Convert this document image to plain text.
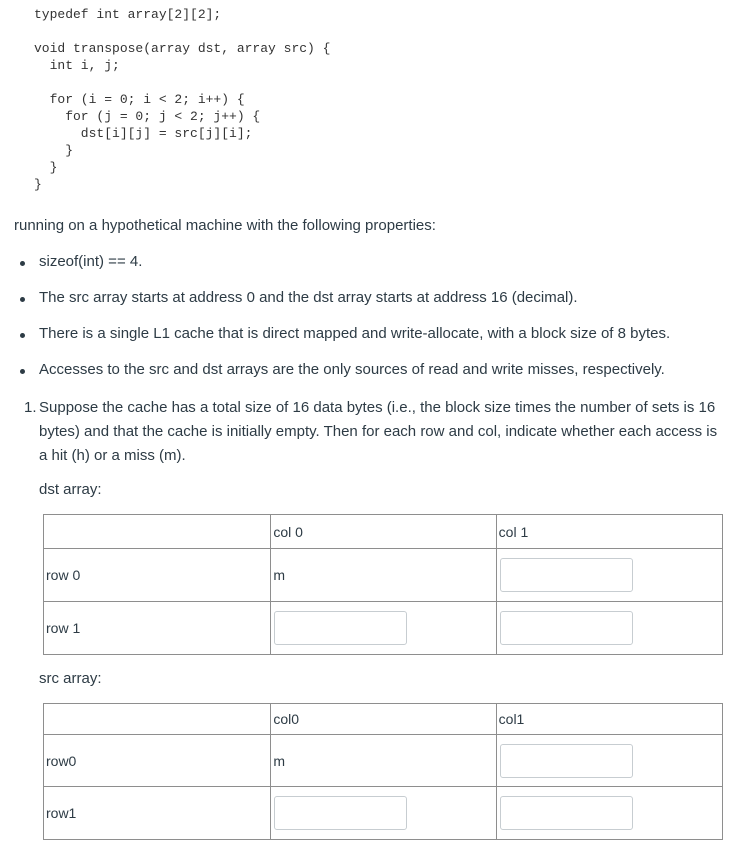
typedef int array[2][2];

void transpose(array dst, array src) {
int i, j;

for (i = 0; i < 2; i++) {
for (j = 0; j < 2; j++) {
dst[i][j] = src[j][i];
}
}
}
running on a hypothetical machine with the following properties:
sizeof(int) == 4.
The src array starts at address 0 and the dst array starts at address 16 (decimal).
There is a single L1 cache that is direct mapped and write-allocate, with a block size of 8 bytes.
Accesses to the src and dst arrays are the only sources of read and write misses, respectively.
1. Suppose the cache has a total size of 16 data bytes (i.e., the block size times the number of sets is 16 bytes) and that the cache is initially empty. Then for each row and col, indicate whether each access is a hit (h) or a miss (m).
dst array:
	col 0	col 1
row 0	m	
row 1		
src array:
	col0	col1
row0	m	
row1		
